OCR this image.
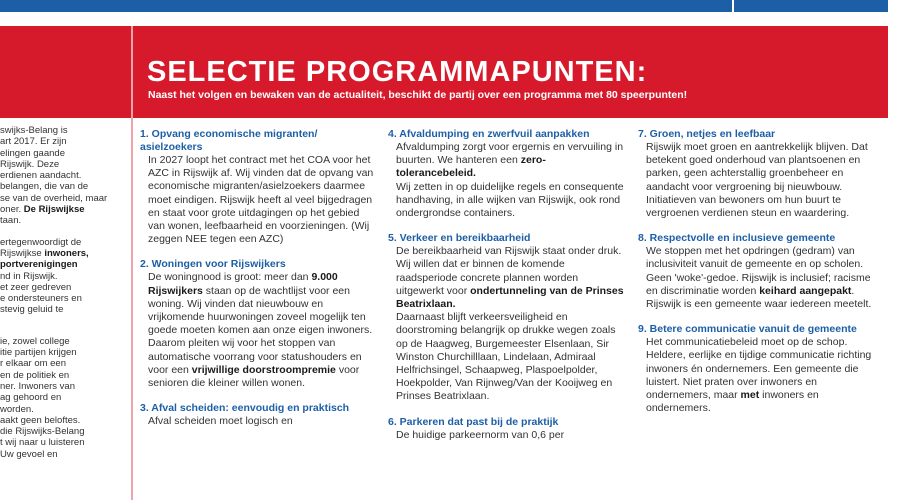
SELECTIE PROGRAMMAPUNTEN:
Naast het volgen en bewaken van de actualiteit, beschikt de partij over een programma met 80 speerpunten!

swijks-Belang is

art 2017. Er zijn

elingen gaande

Rijswijk. Deze

erdienen aandacht.

belangen, die van de

se van de overheid, maar

oner. De Rijswijkse

taan.

ertegenwoordigt de

Rijswijkse inwoners,

portverenigingen

nd in Rijswijk.

et zeer gedreven

e ondersteuners en

stevig geluid te

ie, zowel college

itie partijen krijgen

r elkaar om een

en de politiek en

ner. Inwoners van

ag gehoord en

worden.

aakt geen beloftes.

die Rijswijks-Belang

t wij naar u luisteren

Uw gevoel en

1. Opvang economische migranten/ asielzoekers

In 2027 loopt het contract met het COA voor het AZC in Rijswijk af. Wij vinden dat de opvang van economische migranten/asielzoekers daarmee moet eindigen. Rijswijk heeft al veel bijgedragen en staat voor grote uitdagingen op het gebied van wonen, leefbaarheid en voorzieningen. (Wij zeggen NEE tegen een AZC)

2. Woningen voor Rijswijkers

De woningnood is groot: meer dan 9.000 Rijswijkers staan op de wachtlijst voor een woning. Wij vinden dat nieuwbouw en vrijkomende huurwoningen zoveel mogelijk ten goede moeten komen aan onze eigen inwoners. Daarom pleiten wij voor het stoppen van automatische voorrang voor statushouders en voor een vrijwillige doorstroompremie voor senioren die kleiner willen wonen.

3. Afval scheiden: eenvoudig en praktisch

Afval scheiden moet logisch en

4. Afvaldumping en zwerfvuil aanpakken

Afvaldumping zorgt voor ergernis en vervuiling in buurten. We hanteren een zero-tolerancebeleid.

Wij zetten in op duidelijke regels en consequente handhaving, in alle wijken van Rijswijk, ook rond ondergrondse containers.

5. Verkeer en bereikbaarheid

De bereikbaarheid van Rijswijk staat onder druk. Wij willen dat er binnen de komende raadsperiode concrete plannen worden uitgewerkt voor ondertunneling van de Prinses Beatrixlaan.

Daarnaast blijft verkeersveiligheid en doorstroming belangrijk op drukke wegen zoals op de Haagweg, Burgemeester Elsenlaan, Sir Winston Churchilllaan, Lindelaan, Admiraal Helfrichsingel, Schaapweg, Plaspoelpolder, Hoekpolder, Van Rijnweg/Van der Kooijweg en Prinses Beatrixlaan.

6. Parkeren dat past bij de praktijk

De huidige parkeernorm van 0,6 per

7. Groen, netjes en leefbaar

Rijswijk moet groen en aantrekkelijk blijven. Dat betekent goed onderhoud van plantsoenen en parken, geen achterstallig groenbeheer en aandacht voor vergroening bij nieuwbouw. Initiatieven van bewoners om hun buurt te vergroenen verdienen steun en waardering.

8. Respectvolle en inclusieve gemeente

We stoppen met het opdringen (gedram) van inclusiviteit vanuit de gemeente en op scholen.

Geen 'woke'-gedoe. Rijswijk is inclusief; racisme en discriminatie worden keihard aangepakt. Rijswijk is een gemeente waar iedereen meetelt.

9. Betere communicatie vanuit de gemeente

Het communicatiebeleid moet op de schop. Heldere, eerlijke en tijdige communicatie richting inwoners én ondernemers. Een gemeente die luistert. Niet praten over inwoners en ondernemers, maar met inwoners en ondernemers.
